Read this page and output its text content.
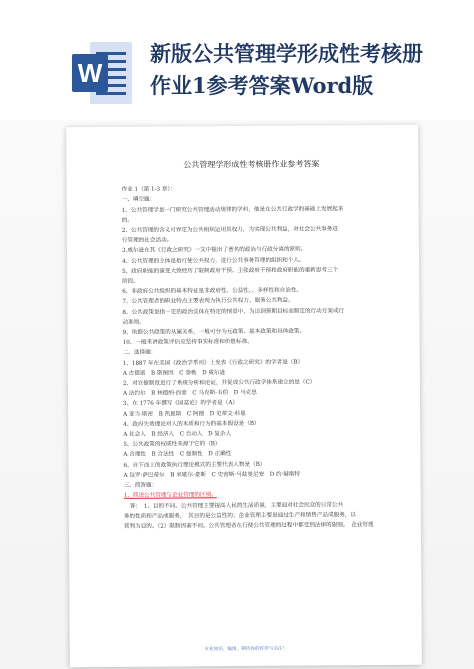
W
新版公共管理学形成性考核册
作业1参考答案Word版
公共管理学形成性考核册作业参考答案
作业 1（第 1-3 章）：
一、填空题：
1、公共管理学是一门研究公共管理活动规律的学科，他是在公共行政学的基础上发展起来
的。
2、公共管理的含义可界定为公共组织运用其权力，为实现公共利益，对社会公共事务进
行管理的社会活动。
3.威尔逊在其《行政之研究》一文中提出了著名的政治与行政分离的原则。
4、公共管理的主体是指行使公共权力，进行公共事务管理的组织和个人。
5、政府职能的演变大致经历了限制政府干预、主张政府干预和政府职能的重新思考三个
阶段。
6、非政府公共组织的基本特征是非政府性、公益性、、多样性和自治性。
7、公共管理者的职业特点主要表现为执行公共权力、服务公共利益。
8、公共政策是指一定的政治实体在特定的情景中，为达到预期目标而制定的行动方案或行
动准则。
9、依据公共政策的从属关系，一般可分为元政策、基本政策和具体政策。
10、一般来讲政策评估应坚持事实标准和价值标准。
二、选择题：
1、1887 年在美国《政治学季刊》上发表《行政之研究》的学者是（B）
A 古德诺　B 斯图因　C 泰勒　D 威尔逊
2、对官僚制度进行了系统分析和论证，并促成公共行政学体系建立的是（C）
A 法约尔　B 林德纳·西蒙　C 马克斯·韦伯　D 马克思
3、在 1776 年撰写《国富论》的学者是（A）
A 亚当·斯密　B 凯恩斯　C 阿德　D 史蒂文·科恩
4、政府失效理论对人的本质和行为的基本假设是（B）
A 社会人　B 经济人　C 自动人　D 复杂人
5、公共政策的权威性来源于它的（B）
A 合理性　B 合法性　C 强制性　D 正确性
6、自下而上的政策执行理论模式的主要代表人物是（B）
A 包罗·萨巴蒂尔　B 米歇尔·豪斯　C 史密斯·马兹曼尼安　D 约·赫斯特
三、简答题：
1、简述公共管理与企业管理的区别。
答：　1、目的不同。公共管理主要提高人民的生活质量，主要面对社会民众的日常公共
务的性质和产品成服务，　其目的是公益性的；企业管理主要是通过生产和销售产品成服务，以
营利为目的。（2）限制因素不同。公共管理者在行使公共管理的过程中都受到法律的限制。　企业管理
专业知识，编排，期待你的好评与关注！
